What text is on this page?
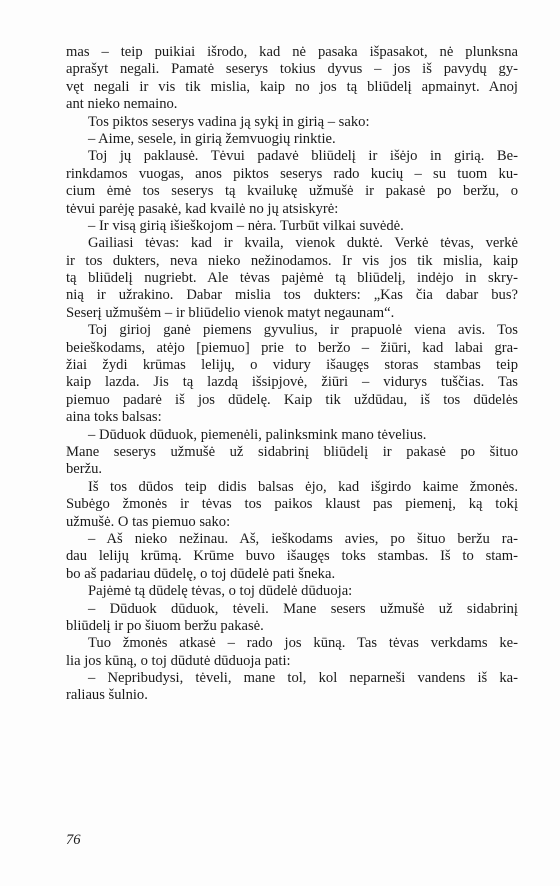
mas – teip puikiai išrodo, kad nė pasaka išpasakot, nė plunksna
aprašyt negali. Pamatė seserys tokius dyvus – jos iš pavydų gy-
vęt negali ir vis tik mislia, kaip no jos tą bliūdelį apmainyt. Anoj
ant nieko nemaino.
Tos piktos seserys vadina ją sykį in girią – sako:
– Aime, sesele, in girią žemvuogių rinktie.
Toj jų paklausė. Tėvui padavė bliūdelį ir išėjo in girią. Be-
rinkdamos vuogas, anos piktos seserys rado kucių – su tuom ku-
cium ėmė tos seserys tą kvailukę užmušė ir pakasė po beržu, o
tėvui parėję pasakė, kad kvailė no jų atsiskyrė:
– Ir visą girią išieškojom – nėra. Turbūt vilkai suvėdė.
Gailiasi tėvas: kad ir kvaila, vienok duktė. Verkė tėvas, verkė
ir tos dukters, neva nieko nežinodamos. Ir vis jos tik mislia, kaip
tą bliūdelį nugriebt. Ale tėvas pajėmė tą bliūdelį, indėjo in skry-
nią ir užrakino. Dabar mislia tos dukters: „Kas čia dabar bus?
Seserį užmušėm – ir bliūdelio vienok matyt negaunam“.
Toj girioj ganė piemens gyvulius, ir prapuolė viena avis. Tos
beieškodams, atėjo [piemuo] prie to beržo – žiūri, kad labai gra-
žiai žydi krūmas lelijų, o vidury išaugęs storas stambas teip
kaip lazda. Jis tą lazdą išsipjovė, žiūri – vidurys tuščias. Tas
piemuo padarė iš jos dūdelę. Kaip tik uždūdau, iš tos dūdelės
aina toks balsas:
– Dūduok dūduok, piemenėli, palinksmink mano tėvelius.
Mane seserys užmušė už sidabrinį bliūdelį ir pakasė po šituo
beržu.
Iš tos dūdos teip didis balsas ėjo, kad išgirdo kaime žmonės.
Subėgo žmonės ir tėvas tos paikos klaust pas piemenį, ką tokį
užmušė. O tas piemuo sako:
– Aš nieko nežinau. Aš, ieškodams avies, po šituo beržu ra-
dau lelijų krūmą. Krūme buvo išaugęs toks stambas. Iš to stam-
bo aš padariau dūdelę, o toj dūdelė pati šneka.
Pajėmė tą dūdelę tėvas, o toj dūdelė dūduoja:
– Dūduok dūduok, tėveli. Mane sesers užmušė už sidabrinį
bliūdelį ir po šiuom beržu pakasė.
Tuo žmonės atkasė – rado jos kūną. Tas tėvas verkdams ke-
lia jos kūną, o toj dūdutė dūduoja pati:
– Nepribudysi, tėveli, mane tol, kol neparneši vandens iš ka-
raliaus šulnio.
76
